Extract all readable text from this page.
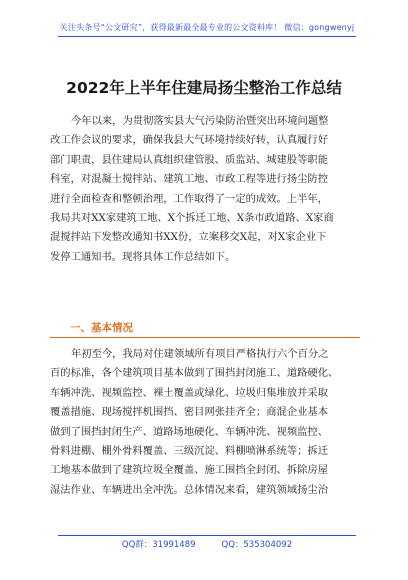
关注头条号“公文研究”，获得最新最全最专业的公文资料库！ 微信：gongwenyj
2022年上半年住建局扬尘整治工作总结
今年以来，为贯彻落实县大气污染防治暨突出环境问题整
改工作会议的要求，确保我县大气环境持续好转，认真履行好
部门职责，县住建局认真组织建管股、质监站、城建股等职能
科室，对混凝土搅拌站、建筑工地、市政工程等进行扬尘防控
进行全面检查和整顿治理，工作取得了一定的成效。上半年，
我局共对XX家建筑工地、X个拆迁工地、X条市政道路、X家商
混搅拌站下发整改通知书XX份，立案移交X起，对X家企业下
发停工通知书。现将具体工作总结如下。
一、基本情况
年初至今，我局对住建领域所有项目严格执行六个百分之
百的标准，各个建筑项目基本做到了围挡封闭施工、道路硬化、
车辆冲洗、视频监控、裸土覆盖或绿化、垃圾归集堆放并采取
覆盖措施、现场搅拌机围挡、密目网张挂齐全；商混企业基本
做到了围挡封闭生产、道路场地硬化、车辆冲洗、视频监控、
骨料进棚、棚外骨料覆盖、三级沉淀、料棚喷淋系统等；拆迁
工地基本做到了建筑垃圾全覆盖、施工围挡全封闭、拆除房屋
湿法作业、车辆进出全冲洗。总体情况来看，建筑领域扬尘治
QQ群：31991489	QQ：535304092
